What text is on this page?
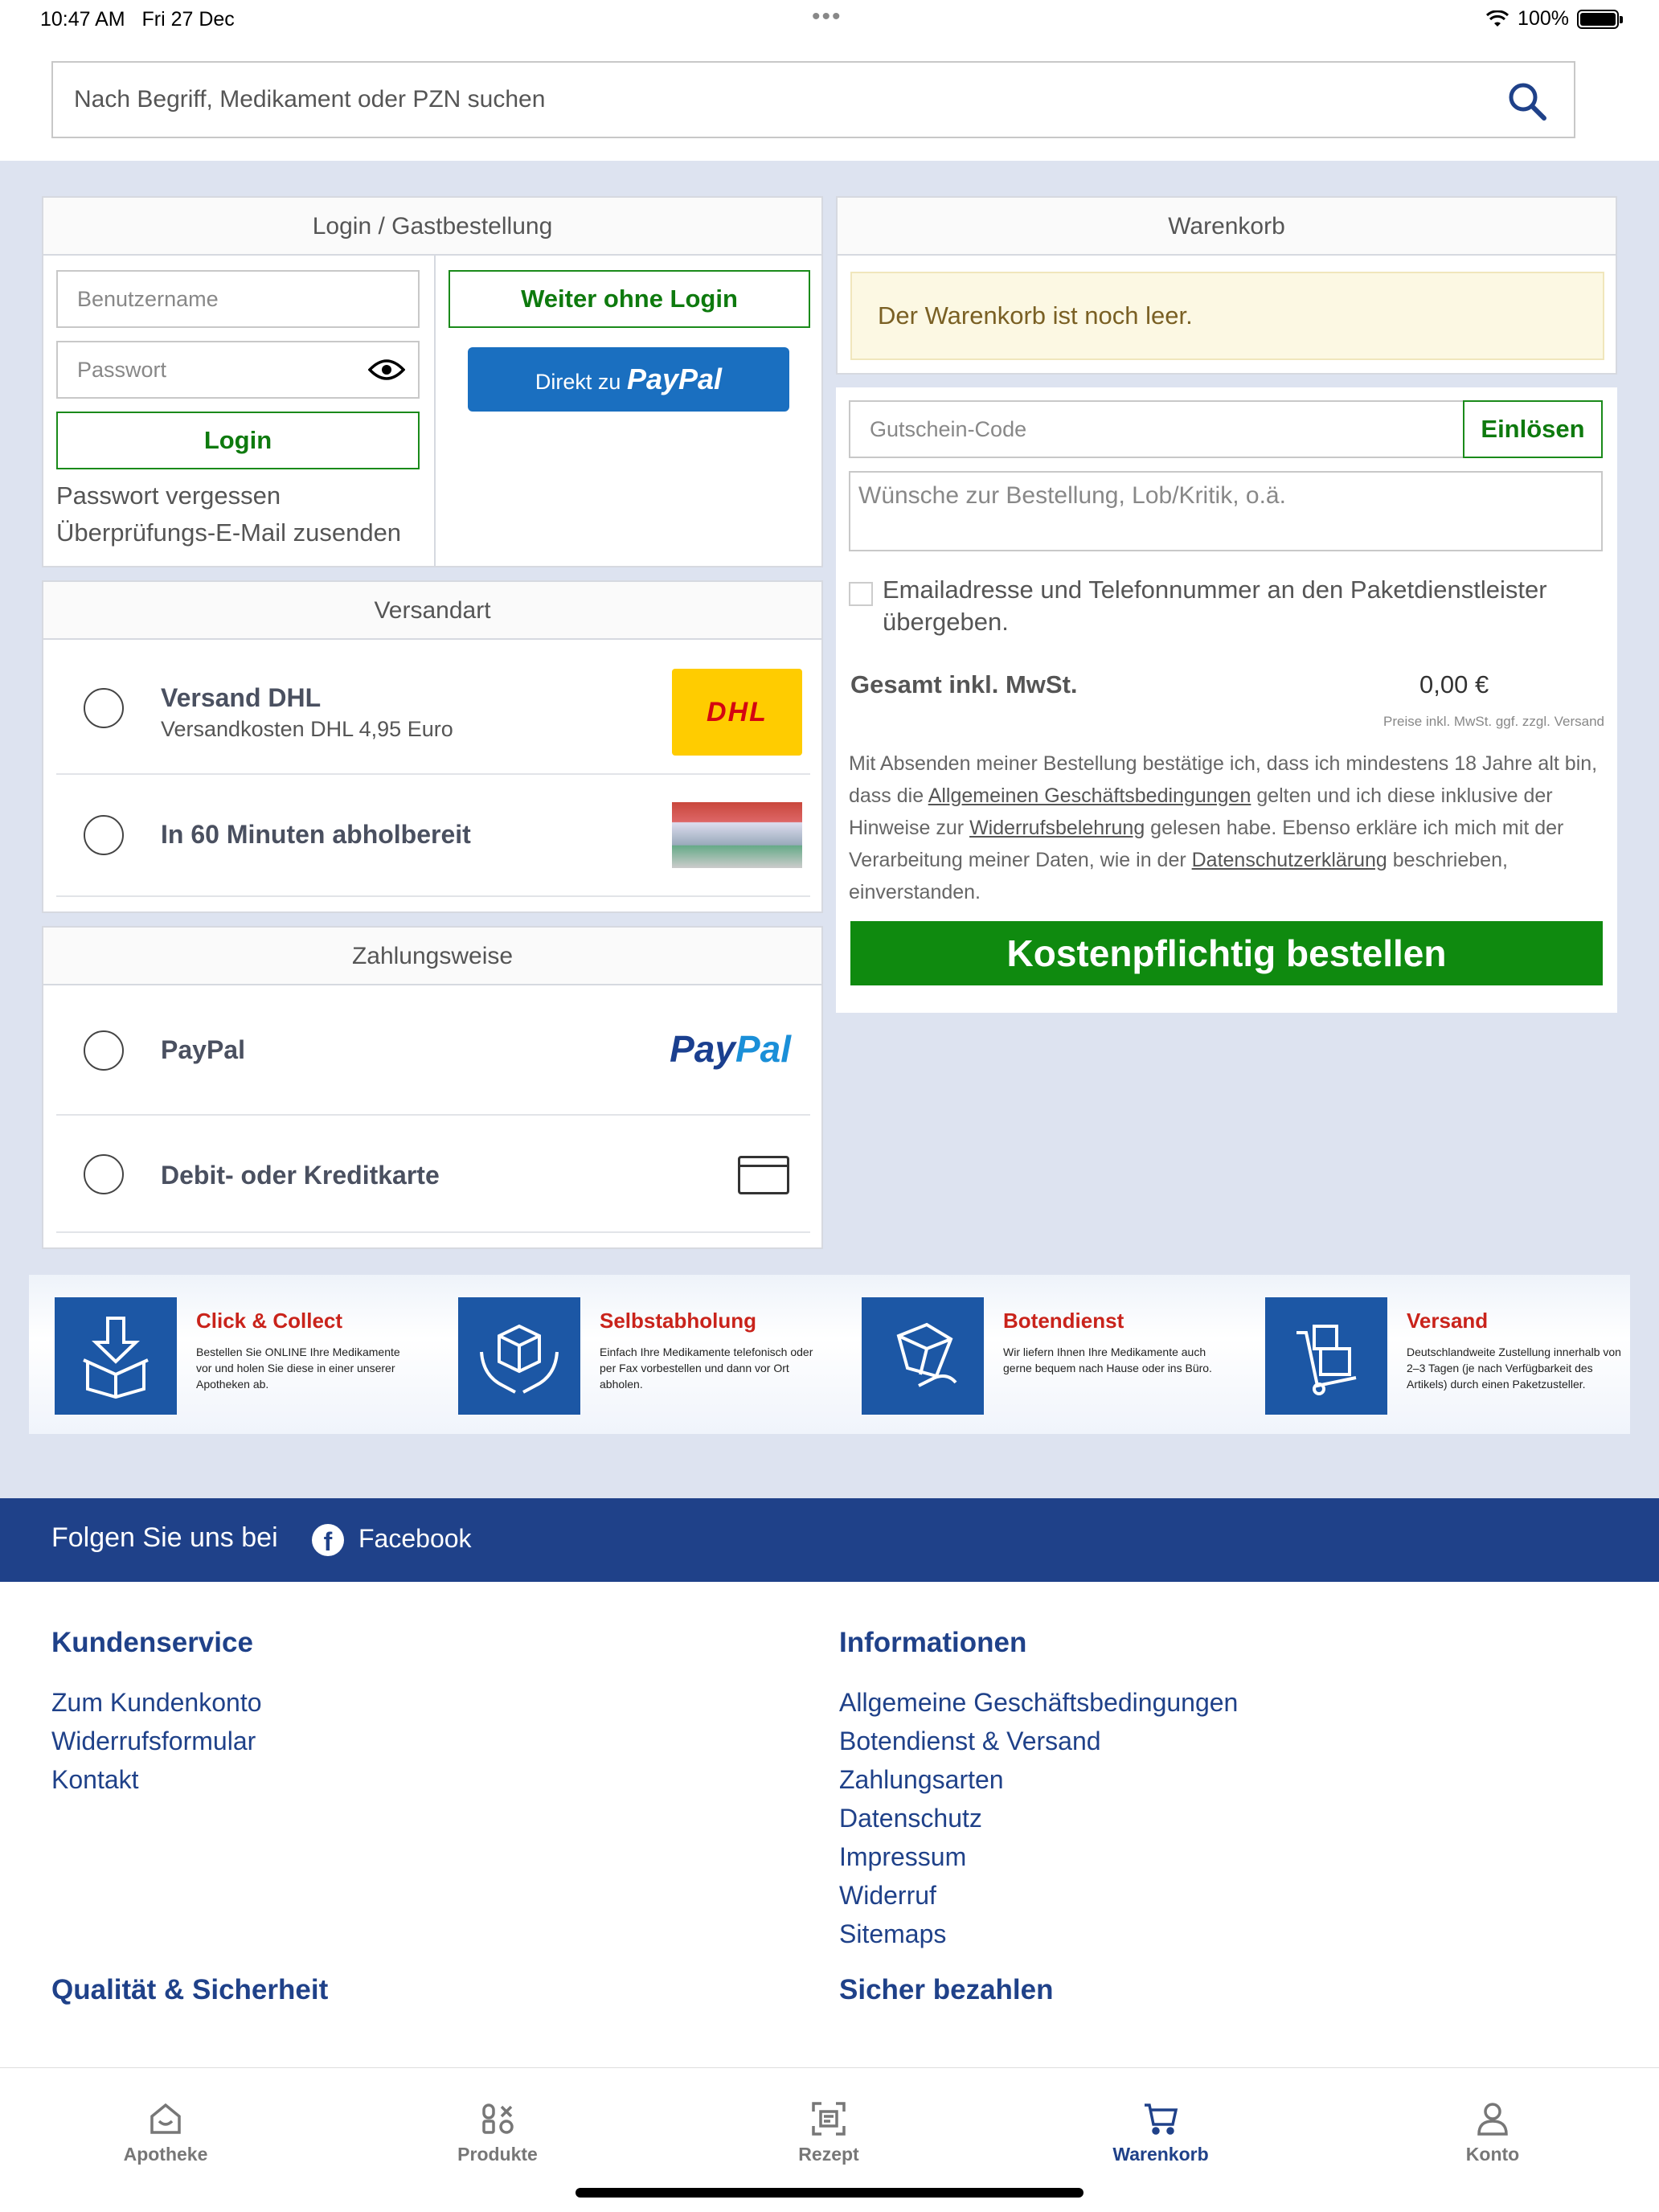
10:47 AM Fri 27 Dec	•••	100%
Nach Begriff, Medikament oder PZN suchen
Login / Gastbestellung
Benutzername
Passwort
Login
Passwort vergessen
Überprüfungs-E-Mail zusenden
Weiter ohne Login
Direkt zu PayPal
Versandart
Versand DHL
Versandkosten DHL 4,95 Euro
DHL
In 60 Minuten abholbereit
Zahlungsweise
PayPal	PayPal
Debit- oder Kreditkarte
Warenkorb
Der Warenkorb ist noch leer.
Gutschein-Code	Einlösen
Wünsche zur Bestellung, Lob/Kritik, o.ä.
Emailadresse und Telefonnummer an den Paketdienstleister übergeben.
Gesamt inkl. MwSt.	0,00 €
Preise inkl. MwSt. ggf. zzgl. Versand
Mit Absenden meiner Bestellung bestätige ich, dass ich mindestens 18 Jahre alt bin, dass die Allgemeinen Geschäftsbedingungen gelten und ich diese inklusive der Hinweise zur Widerrufsbelehrung gelesen habe. Ebenso erkläre ich mich mit der Verarbeitung meiner Daten, wie in der Datenschutzerklärung beschrieben, einverstanden.
Kostenpflichtig bestellen
Click & Collect
Bestellen Sie ONLINE Ihre Medikamente vor und holen Sie diese in einer unserer Apotheken ab.
Selbstabholung
Einfach Ihre Medikamente telefonisch oder per Fax vorbestellen und dann vor Ort abholen.
Botendienst
Wir liefern Ihnen Ihre Medikamente auch gerne bequem nach Hause oder ins Büro.
Versand
Deutschlandweite Zustellung innerhalb von 2–3 Tagen (je nach Verfügbarkeit des Artikels) durch einen Paketzusteller.
Folgen Sie uns bei	f	Facebook
Kundenservice
Zum Kundenkonto
Widerrufsformular
Kontakt
Informationen
Allgemeine Geschäftsbedingungen
Botendienst & Versand
Zahlungsarten
Datenschutz
Impressum
Widerruf
Sitemaps
Qualität & Sicherheit	Sicher bezahlen
Apotheke	Produkte	Rezept	Warenkorb	Konto
